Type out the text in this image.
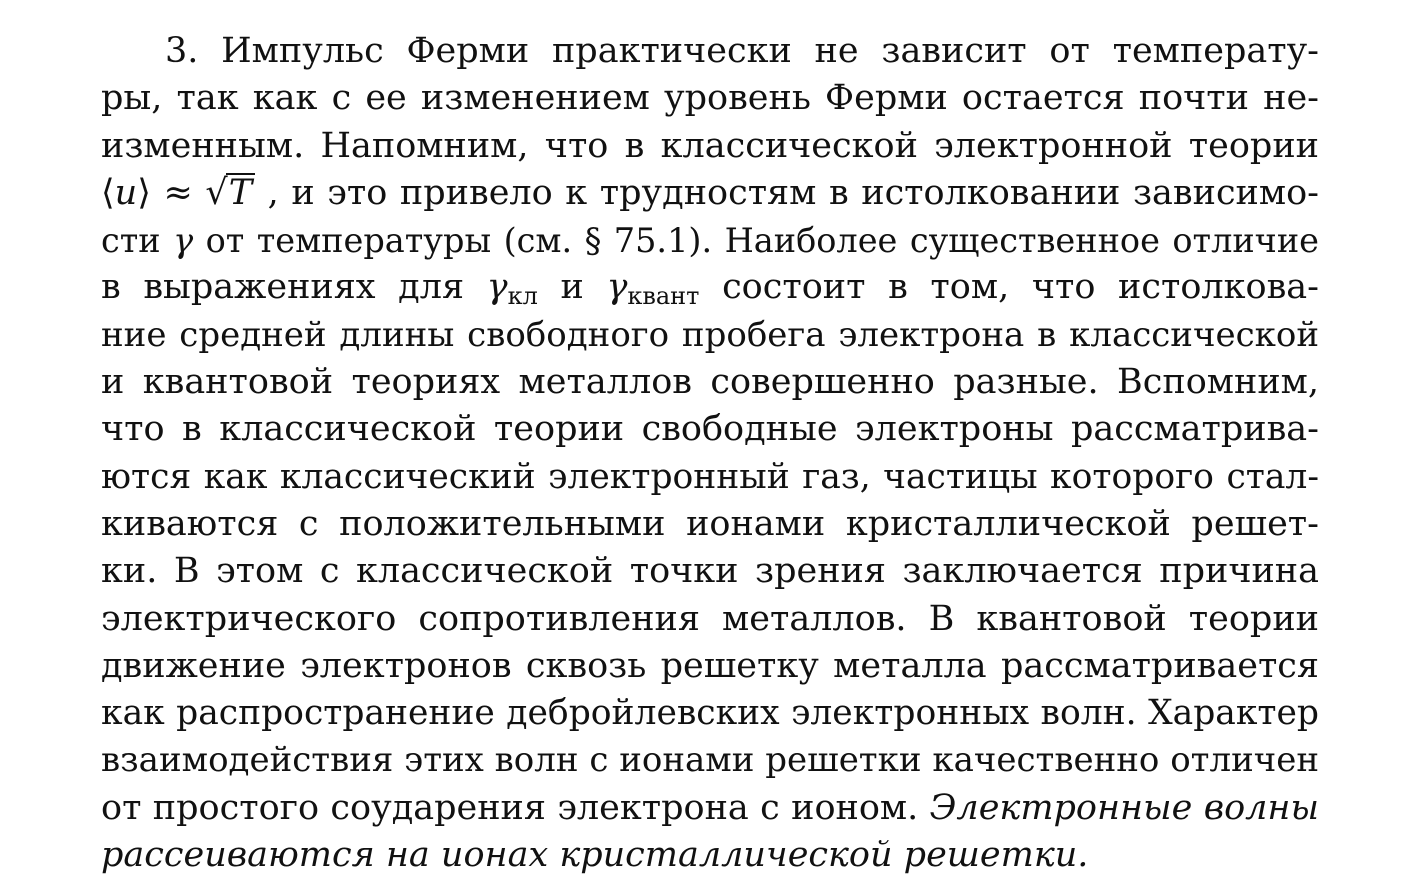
3. Импульс Ферми практически не зависит от температу-
ры, так как с ее изменением уровень Ферми остается почти не-
изменным. Напомним, что в классической электронной теории
⟨u⟩ ≈ √T , и это привело к трудностям в истолковании зависимо-
сти γ от температуры (см. § 75.1). Наиболее существенное отличие
в выражениях для $\gamma_{кл}$ и $\gamma_{квант}$ состоит в том, что истолкова-
ние средней длины свободного пробега электрона в классической
и квантовой теориях металлов совершенно разные. Вспомним,
что в классической теории свободные электроны рассматрива-
ются как классический электронный газ, частицы которого стал-
киваются с положительными ионами кристаллической решет-
ки. В этом с классической точки зрения заключается причина
электрического сопротивления металлов. В квантовой теории
движение электронов сквозь решетку металла рассматривается
как распространение дебройлевских электронных волн. Характер
взаимодействия этих волн с ионами решетки качественно отличен
от простого соударения электрона с ионом. Электронные волны
рассеиваются на ионах кристаллической решетки.
